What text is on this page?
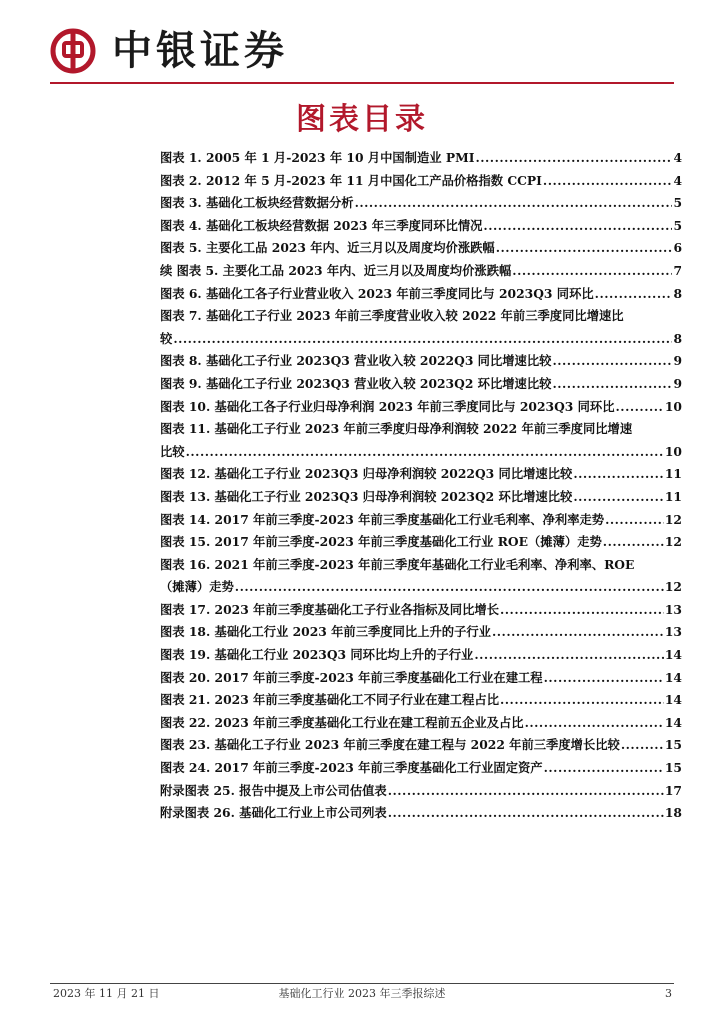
中银证券
图表目录
图表 1. 2005 年 1 月-2023 年 10 月中国制造业 PMI .....	4
图表 2. 2012 年 5 月-2023 年 11 月中国化工产品价格指数 CCPI .....	4
图表 3. 基础化工板块经营数据分析 .....	5
图表 4. 基础化工板块经营数据 2023 年三季度同环比情况 .....	5
图表 5. 主要化工品 2023 年内、近三月以及周度均价涨跌幅 .....	6
续 图表 5. 主要化工品 2023 年内、近三月以及周度均价涨跌幅 .....	7
图表 6. 基础化工各子行业营业收入 2023 年前三季度同比与 2023Q3 同环比 .....	8
图表 7. 基础化工子行业 2023 年前三季度营业收入较 2022 年前三季度同比增速比
较 .....	8
图表 8. 基础化工子行业 2023Q3 营业收入较 2022Q3 同比增速比较 .....	9
图表 9. 基础化工子行业 2023Q3 营业收入较 2023Q2 环比增速比较 .....	9
图表 10. 基础化工各子行业归母净利润 2023 年前三季度同比与 2023Q3 同环比 .....	10
图表 11. 基础化工子行业 2023 年前三季度归母净利润较 2022 年前三季度同比增速
比较 .....	10
图表 12. 基础化工子行业 2023Q3 归母净利润较 2022Q3 同比增速比较 .....	11
图表 13. 基础化工子行业 2023Q3 归母净利润较 2023Q2 环比增速比较 .....	11
图表 14. 2017 年前三季度-2023 年前三季度基础化工行业毛利率、净利率走势 .....	12
图表 15. 2017 年前三季度-2023 年前三季度基础化工行业 ROE（摊薄）走势 .....	12
图表 16. 2021 年前三季度-2023 年前三季度年基础化工行业毛利率、净利率、ROE
（摊薄）走势 .....	12
图表 17. 2023 年前三季度基础化工子行业各指标及同比增长 .....	13
图表 18. 基础化工行业 2023 年前三季度同比上升的子行业 .....	13
图表 19. 基础化工行业 2023Q3 同环比均上升的子行业 .....	14
图表 20. 2017 年前三季度-2023 年前三季度基础化工行业在建工程 .....	14
图表 21. 2023 年前三季度基础化工不同子行业在建工程占比 .....	14
图表 22. 2023 年前三季度基础化工行业在建工程前五企业及占比 .....	14
图表 23. 基础化工子行业 2023 年前三季度在建工程与 2022 年前三季度增长比较 .....	15
图表 24. 2017 年前三季度-2023 年前三季度基础化工行业固定资产 .....	15
附录图表 25. 报告中提及上市公司估值表 .....	17
附录图表 26. 基础化工行业上市公司列表 .....	18
2023 年 11 月 21 日	基础化工行业 2023 年三季报综述	3
